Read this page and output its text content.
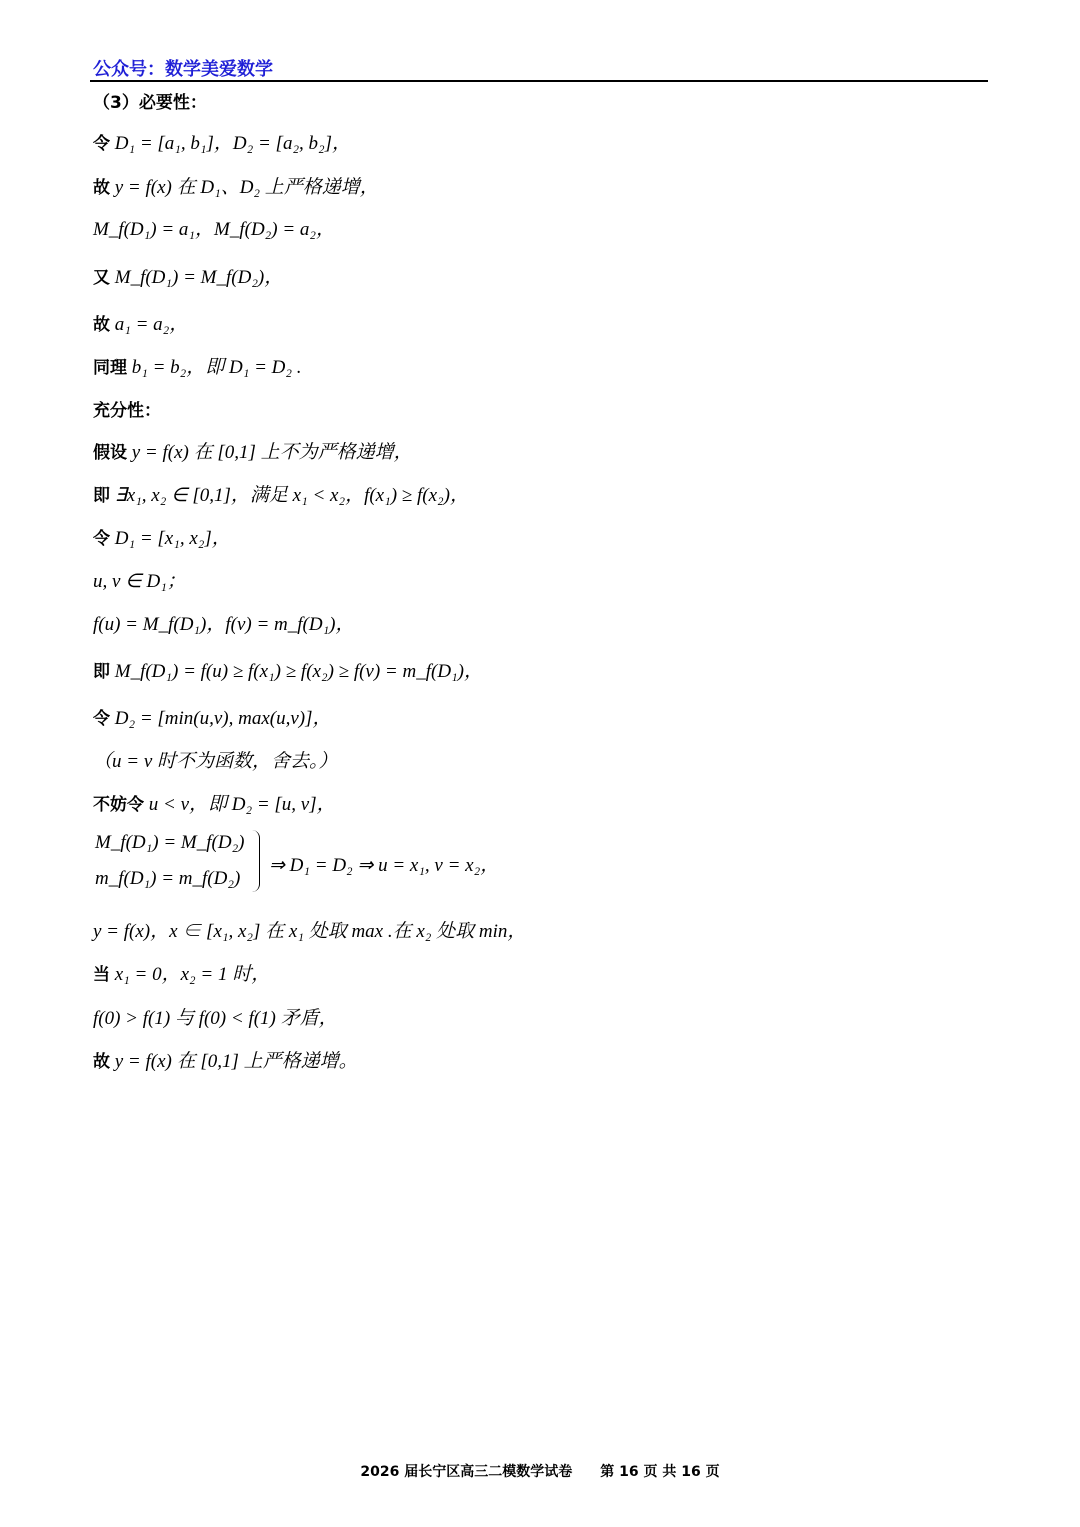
公众号：数学美爱数学
（3）必要性：
令 D₁ = [a₁, b₁]，D₂ = [a₂, b₂]，
故 y = f(x) 在 D₁、D₂ 上严格递增，
M_f(D₁) = a₁，M_f(D₂) = a₂，
又 M_f(D₁) = M_f(D₂)，
故 a₁ = a₂，
同理 b₁ = b₂，即 D₁ = D₂ .
充分性：
假设 y = f(x) 在 [0,1] 上不为严格递增，
即 ∃x₁, x₂ ∈ [0,1]，满足 x₁ < x₂，f(x₁) ≥ f(x₂)，
令 D₁ = [x₁, x₂]，
u, v ∈ D₁；
f(u) = M_f(D₁)，f(v) = m_f(D₁)，
即 M_f(D₁) = f(u) ≥ f(x₁) ≥ f(x₂) ≥ f(v) = m_f(D₁)，
令 D₂ = [min(u,v), max(u,v)]，
（u = v 时不为函数，舍去。）
不妨令 u < v，即 D₂ = [u, v]，
M_f(D₁) = M_f(D₂)
m_f(D₁) = m_f(D₂)
⇒ D₁ = D₂ ⇒ u = x₁, v = x₂，
y = f(x)，x ∈ [x₁, x₂] 在 x₁ 处取 max .在 x₂ 处取 min，
当 x₁ = 0，x₂ = 1 时，
f(0) > f(1) 与 f(0) < f(1) 矛盾，
故 y = f(x) 在 [0,1] 上严格递增。
2026 届长宁区高三二模数学试卷　　第 16 页 共 16 页
